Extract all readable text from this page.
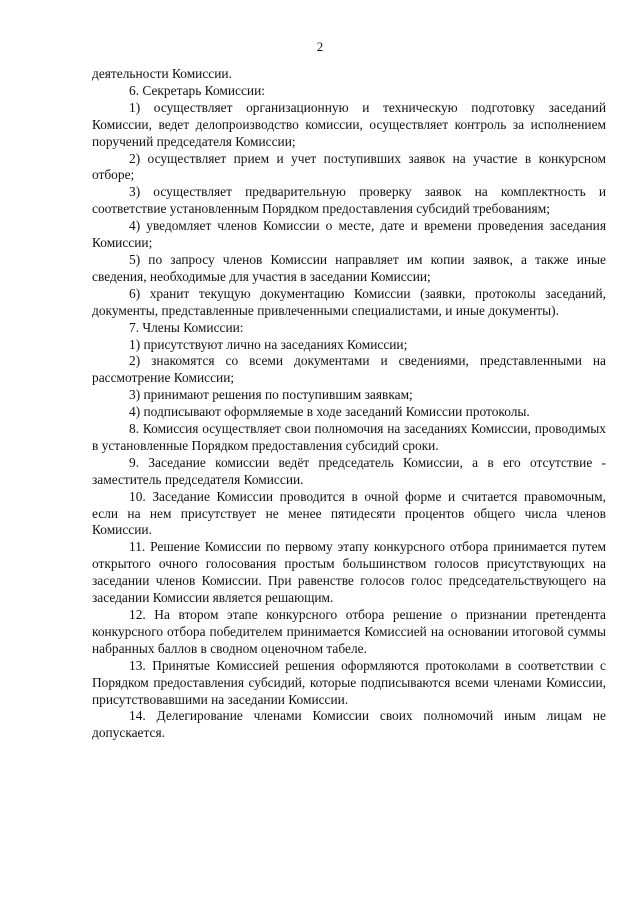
2

деятельности Комиссии.

6. Секретарь Комиссии:

1) осуществляет организационную и техническую подготовку заседаний Комиссии, ведет делопроизводство комиссии, осуществляет контроль за исполнением поручений председателя Комиссии;

2) осуществляет прием и учет поступивших заявок на участие в конкурсном отборе;

3) осуществляет предварительную проверку заявок на комплектность и соответствие установленным Порядком предоставления субсидий требованиям;

4) уведомляет членов Комиссии о месте, дате и времени проведения заседания Комиссии;

5) по запросу членов Комиссии направляет им копии заявок, а также иные сведения, необходимые для участия в заседании Комиссии;

6) хранит текущую документацию Комиссии (заявки, протоколы заседаний, документы, представленные привлеченными специалистами, и иные документы).

7. Члены Комиссии:

1) присутствуют лично на заседаниях Комиссии;

2) знакомятся со всеми документами и сведениями, представленными на рассмотрение Комиссии;

3) принимают решения по поступившим заявкам;

4) подписывают оформляемые в ходе заседаний Комиссии протоколы.

8. Комиссия осуществляет свои полномочия на заседаниях Комиссии, проводимых в установленные Порядком предоставления субсидий сроки.

9. Заседание комиссии ведёт председатель Комиссии, а в его отсутствие - заместитель председателя Комиссии.

10. Заседание Комиссии проводится в очной форме и считается правомочным, если на нем присутствует не менее пятидесяти процентов общего числа членов Комиссии.

11. Решение Комиссии по первому этапу конкурсного отбора принимается путем открытого очного голосования простым большинством голосов присутствующих на заседании членов Комиссии. При равенстве голосов голос председательствующего на заседании Комиссии является решающим.

12. На втором этапе конкурсного отбора решение о признании претендента конкурсного отбора победителем принимается Комиссией на основании итоговой суммы набранных баллов в сводном оценочном табеле.

13. Принятые Комиссией решения оформляются протоколами в соответствии с Порядком предоставления субсидий, которые подписываются всеми членами Комиссии, присутствовавшими на заседании Комиссии.

14. Делегирование членами Комиссии своих полномочий иным лицам не допускается.
